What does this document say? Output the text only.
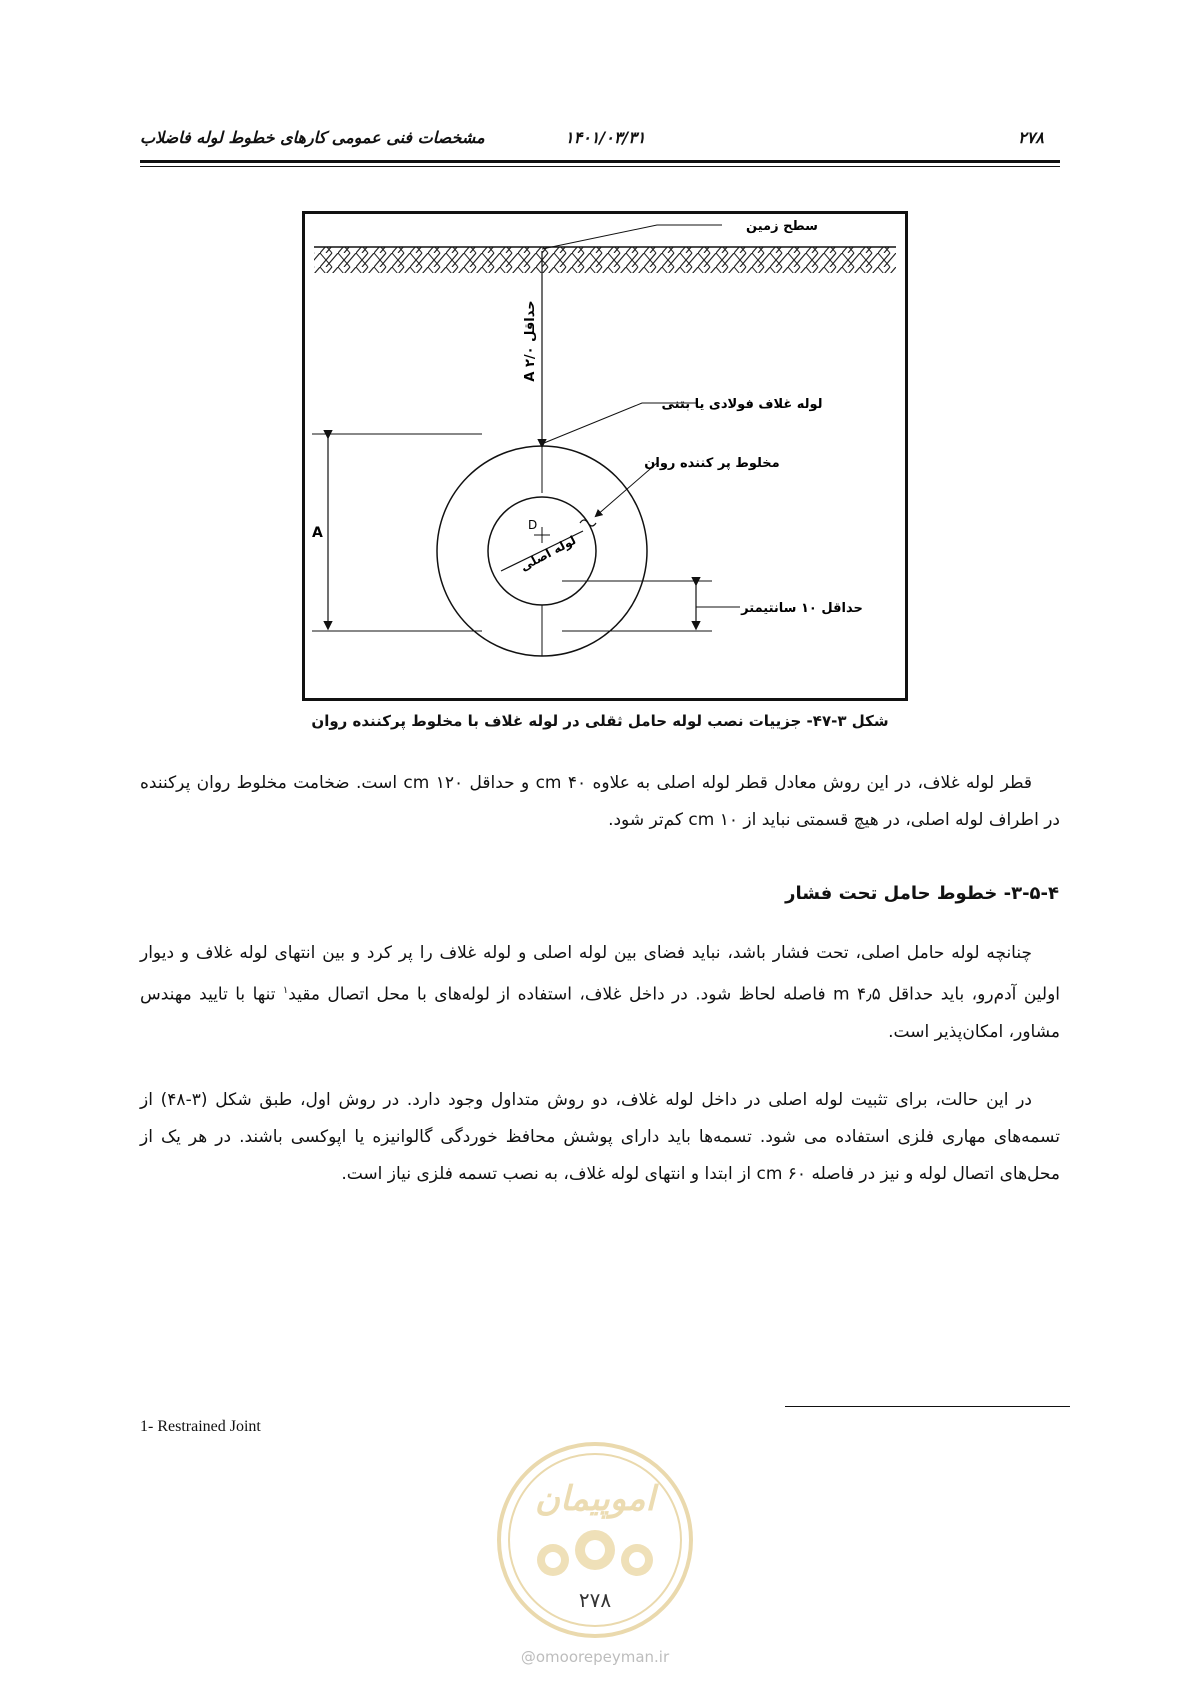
مشخصات فنی عمومی کارهای خطوط لوله فاضلاب	۱۴۰۱/۰۳/۳۱	۲۷۸
سطح زمین
حداقل ۲/۰ A
D
لوله اصلی
لوله غلاف فولادی یا بتنی
مخلوط پر کننده روان
A
حداقل ۱۰ سانتیمتر
شکل ۳-۴۷- جزییات نصب لوله حامل ثقلی در لوله غلاف با مخلوط پرکننده روان

قطر لوله غلاف، در این روش معادل قطر لوله اصلی به علاوه ۴۰ cm و حداقل ۱۲۰ cm است. ضخامت مخلوط روان پرکننده در اطراف لوله اصلی، در هیچ قسمتی نباید از ۱۰ cm کم‌تر شود.

۳-۵-۴- خطوط حامل تحت فشار

چنانچه لوله حامل اصلی، تحت فشار باشد، نباید فضای بین لوله اصلی و لوله غلاف را پر کرد و بین انتهای لوله غلاف و دیوار اولین آدم‌رو، باید حداقل ۴٫۵ m فاصله لحاظ شود. در داخل غلاف، استفاده از لوله‌های با محل اتصال مقید$^۱$ تنها با تایید مهندس مشاور، امکان‌پذیر است.

در این حالت، برای تثبیت لوله اصلی در داخل لوله غلاف، دو روش متداول وجود دارد. در روش اول، طبق شکل (۳-۴۸) از تسمه‌های مهاری فلزی استفاده می شود. تسمه‌ها باید دارای پوشش محافظ خوردگی گالوانیزه یا اپوکسی باشند. در هر یک از محل‌های اتصال لوله و نیز در فاصله ۶۰ cm از ابتدا و انتهای لوله غلاف، به نصب تسمه فلزی نیاز است.

1- Restrained Joint
اموپیمان
۲۷۸
@omoorepeyman.ir
